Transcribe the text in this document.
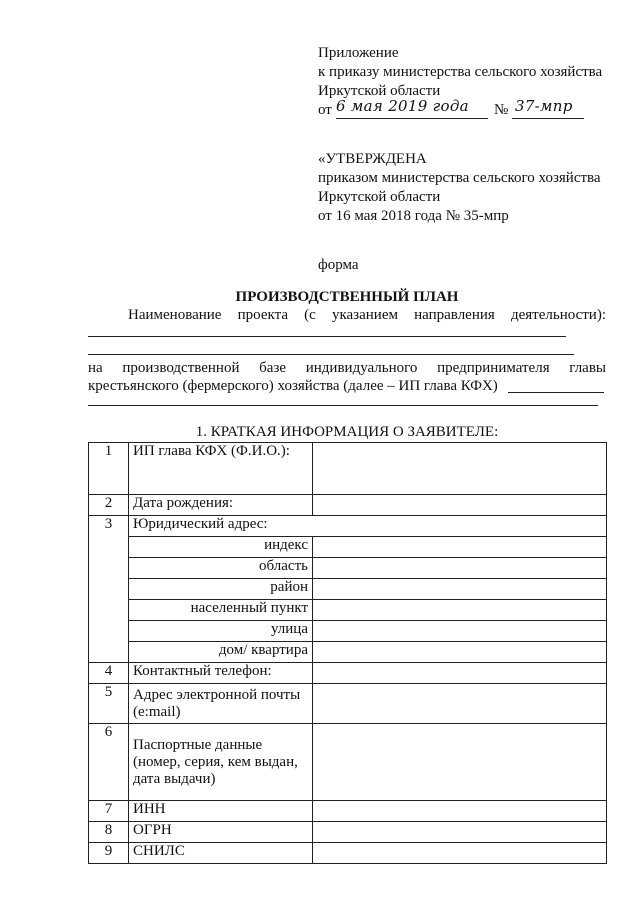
Приложение
к приказу министерства сельского хозяйства
Иркутской области
от 6 мая 2019 года № 37-мпр
«УТВЕРЖДЕНА
приказом министерства сельского хозяйства
Иркутской области
от 16 мая 2018 года № 35-мпр
форма
ПРОИЗВОДСТВЕННЫЙ ПЛАН
Наименование проекта (с указанием направления деятельности):
на производственной базе индивидуального предпринимателя главы
крестьянского (фермерского) хозяйства (далее – ИП глава КФХ)
1. КРАТКАЯ ИНФОРМАЦИЯ О ЗАЯВИТЕЛЕ:
1	ИП глава КФХ (Ф.И.О.):	
2	Дата рождения:	
3	Юридический адрес:	
	индекс	
	область	
	район	
	населенный пункт	
	улица	
	дом/ квартира	
4	Контактный телефон:	
5	Адрес электронной почты
(e:mail)	

6	Паспортные данные
(номер, серия, кем выдан,
дата выдачи)	

7	ИНН	
8	ОГРН	
9	СНИЛС	
